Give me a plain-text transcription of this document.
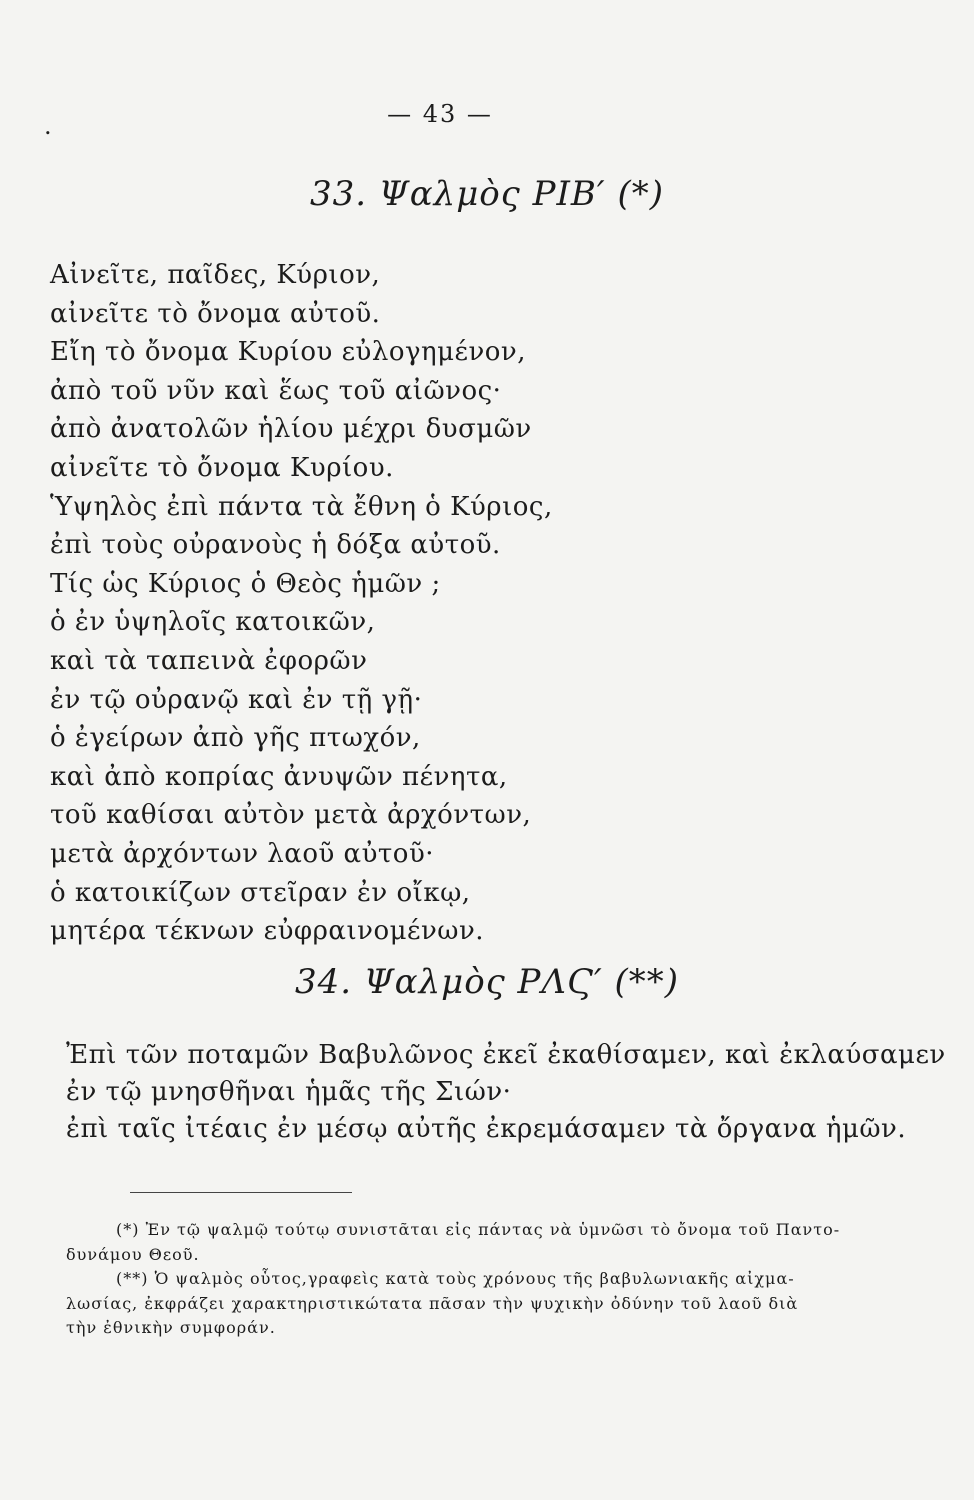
.	— 43 —
33. Ψαλμὸς ΡΙΒ′ (*)
Αἰνεῖτε, παῖδες, Κύριον,
αἰνεῖτε τὸ ὄνομα αὐτοῦ.
Εἴη τὸ ὄνομα Κυρίου εὐλογημένον,
ἀπὸ τοῦ νῦν καὶ ἕως τοῦ αἰῶνος·
ἀπὸ ἀνατολῶν ἡλίου μέχρι δυσμῶν
αἰνεῖτε τὸ ὄνομα Κυρίου.
Ὑψηλὸς ἐπὶ πάντα τὰ ἔθνη ὁ Κύριος,
ἐπὶ τοὺς οὐρανοὺς ἡ δόξα αὐτοῦ.
Τίς ὡς Κύριος ὁ Θεὸς ἡμῶν ;
ὁ ἐν ὑψηλοῖς κατοικῶν,
καὶ τὰ ταπεινὰ ἐφορῶν
ἐν τῷ οὐρανῷ καὶ ἐν τῇ γῇ·
ὁ ἐγείρων ἀπὸ γῆς πτωχόν,
καὶ ἀπὸ κοπρίας ἀνυψῶν πένητα,
τοῦ καθίσαι αὐτὸν μετὰ ἀρχόντων,
μετὰ ἀρχόντων λαοῦ αὐτοῦ·
ὁ κατοικίζων στεῖραν ἐν οἴκῳ,
μητέρα τέκνων εὐφραινομένων.
34. Ψαλμὸς ΡΛϚ′ (**)
Ἐπὶ τῶν ποταμῶν Βαβυλῶνος ἐκεῖ ἐκαθίσαμεν, καὶ ἐκλαύσαμεν
ἐν τῷ μνησθῆναι ἡμᾶς τῆς Σιών·
ἐπὶ ταῖς ἰτέαις ἐν μέσῳ αὐτῆς ἐκρεμάσαμεν τὰ ὄργανα ἡμῶν.
(*) Ἐν τῷ ψαλμῷ τούτῳ συνιστᾶται εἰς πάντας νὰ ὑμνῶσι τὸ ὄνομα τοῦ Παντο-
δυνάμου Θεοῦ.
(**) Ὁ ψαλμὸς οὗτος,γραφεὶς κατὰ τοὺς χρόνους τῆς βαβυλωνιακῆς αἰχμα-
λωσίας, ἐκφράζει χαρακτηριστικώτατα πᾶσαν τὴν ψυχικὴν ὀδύνην τοῦ λαοῦ διὰ
τὴν ἐθνικὴν συμφοράν.
